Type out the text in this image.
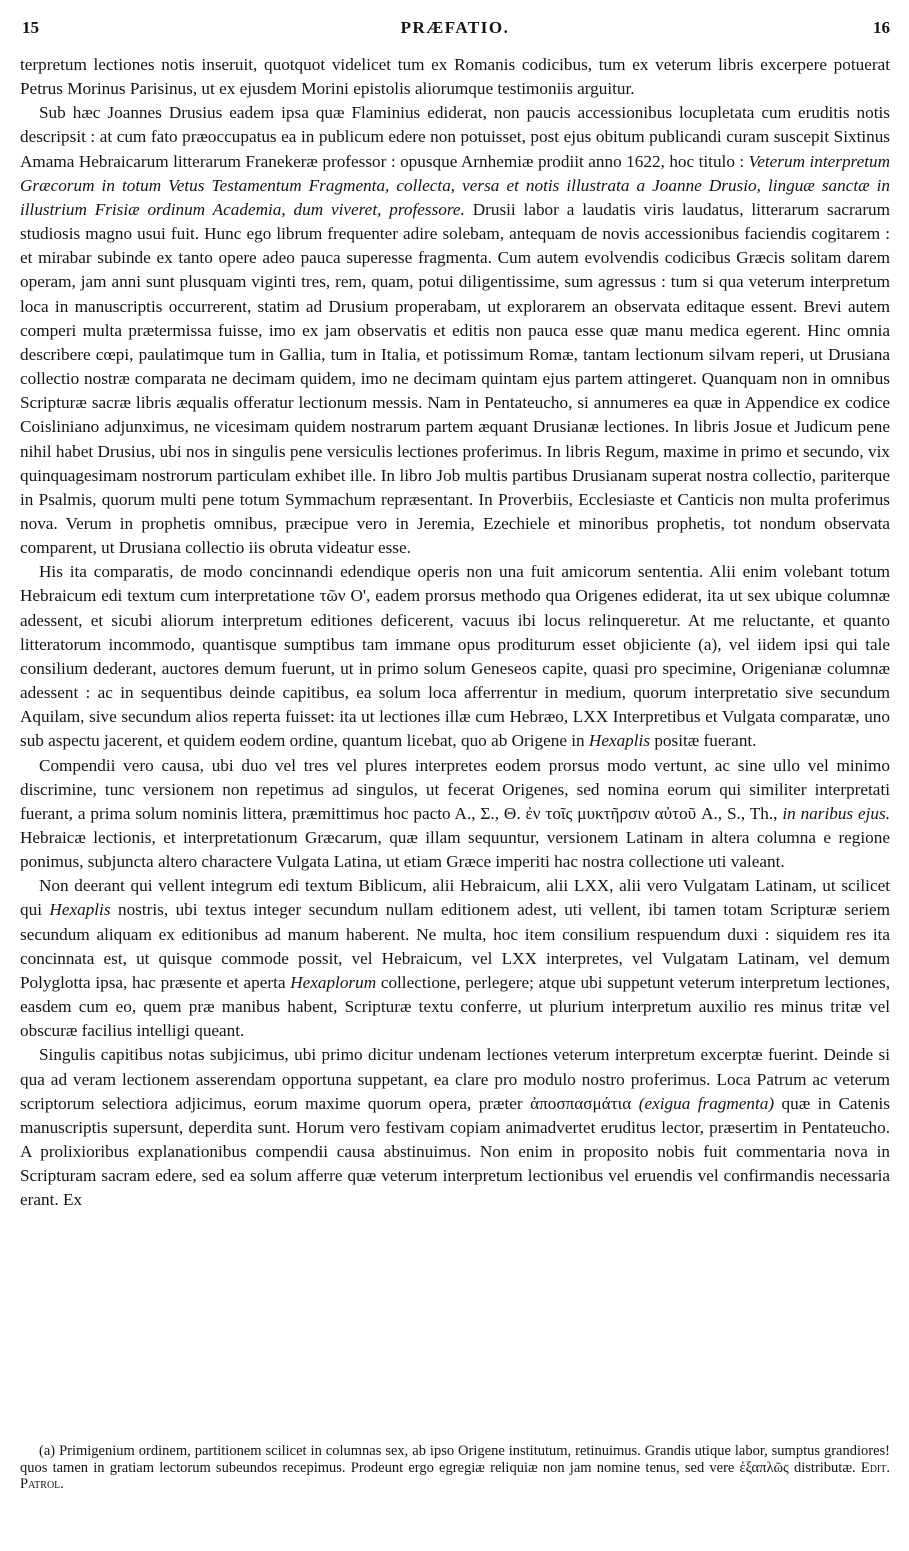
15	PRÆFATIO.	16

terpretum lectiones notis inseruit, quotquot videlicet tum ex Romanis codicibus, tum ex veterum libris excerpere potuerat Petrus Morinus Parisinus, ut ex ejusdem Morini epistolis aliorumque testimoniis arguitur.

Sub hæc Joannes Drusius eadem ipsa quæ Flaminius ediderat, non paucis accessionibus locupletata cum eruditis notis descripsit : at cum fato præoccupatus ea in publicum edere non potuisset, post ejus obitum publicandi curam suscepit Sixtinus Amama Hebraicarum litterarum Franekeræ professor : opusque Arnhemiæ prodiit anno 1622, hoc titulo : Veterum interpretum Græcorum in totum Vetus Testamentum Fragmenta, collecta, versa et notis illustrata a Joanne Drusio, linguæ sanctæ in illustrium Frisiæ ordinum Academia, dum viveret, professore. Drusii labor a laudatis viris laudatus, litterarum sacrarum studiosis magno usui fuit. Hunc ego librum frequenter adire solebam, antequam de novis accessionibus faciendis cogitarem : et mirabar subinde ex tanto opere adeo pauca superesse fragmenta. Cum autem evolvendis codicibus Græcis solitam darem operam, jam anni sunt plusquam viginti tres, rem, quam, potui diligentissime, sum agressus : tum si qua veterum interpretum loca in manuscriptis occurrerent, statim ad Drusium properabam, ut explorarem an observata editaque essent. Brevi autem comperi multa prætermissa fuisse, imo ex jam observatis et editis non pauca esse quæ manu medica egerent. Hinc omnia describere cœpi, paulatimque tum in Gallia, tum in Italia, et potissimum Romæ, tantam lectionum silvam reperi, ut Drusiana collectio nostræ comparata ne decimam quidem, imo ne decimam quintam ejus partem attingeret. Quanquam non in omnibus Scripturæ sacræ libris æqualis offeratur lectionum messis. Nam in Pentateucho, si annumeres ea quæ in Appendice ex codice Coisliniano adjunximus, ne vicesimam quidem nostrarum partem æquant Drusianæ lectiones. In libris Josue et Judicum pene nihil habet Drusius, ubi nos in singulis pene versiculis lectiones proferimus. In libris Regum, maxime in primo et secundo, vix quinquagesimam nostrorum particulam exhibet ille. In libro Job multis partibus Drusianam superat nostra collectio, pariterque in Psalmis, quorum multi pene totum Symmachum repræsentant. In Proverbiis, Ecclesiaste et Canticis non multa proferimus nova. Verum in prophetis omnibus, præcipue vero in Jeremia, Ezechiele et minoribus prophetis, tot nondum observata comparent, ut Drusiana collectio iis obruta videatur esse.

His ita comparatis, de modo concinnandi edendique operis non una fuit amicorum sententia. Alii enim volebant totum Hebraicum edi textum cum interpretatione τῶν Ο', eadem prorsus methodo qua Origenes ediderat, ita ut sex ubique columnæ adessent, et sicubi aliorum interpretum editiones deficerent, vacuus ibi locus relinqueretur. At me reluctante, et quanto litteratorum incommodo, quantisque sumptibus tam immane opus proditurum esset objiciente (a), vel iidem ipsi qui tale consilium dederant, auctores demum fuerunt, ut in primo solum Geneseos capite, quasi pro specimine, Origenianæ columnæ adessent : ac in sequentibus deinde capitibus, ea solum loca afferrentur in medium, quorum interpretatio sive secundum Aquilam, sive secundum alios reperta fuisset: ita ut lectiones illæ cum Hebræo, LXX Interpretibus et Vulgata comparatæ, uno sub aspectu jacerent, et quidem eodem ordine, quantum licebat, quo ab Origene in Hexaplis positæ fuerant.

Compendii vero causa, ubi duo vel tres vel plures interpretes eodem prorsus modo vertunt, ac sine ullo vel minimo discrimine, tunc versionem non repetimus ad singulos, ut fecerat Origenes, sed nomina eorum qui similiter interpretati fuerant, a prima solum nominis littera, præmittimus hoc pacto A., Σ., Θ. ἐν τοῖς μυκτῆρσιν αὐτοῦ A., S., Th., in naribus ejus. Hebraicæ lectionis, et interpretationum Græcarum, quæ illam sequuntur, versionem Latinam in altera columna e regione ponimus, subjuncta altero charactere Vulgata Latina, ut etiam Græce imperiti hac nostra collectione uti valeant.

Non deerant qui vellent integrum edi textum Biblicum, alii Hebraicum, alii LXX, alii vero Vulgatam Latinam, ut scilicet qui Hexaplis nostris, ubi textus integer secundum nullam editionem adest, uti vellent, ibi tamen totam Scripturæ seriem secundum aliquam ex editionibus ad manum haberent. Ne multa, hoc item consilium respuendum duxi : siquidem res ita concinnata est, ut quisque commode possit, vel Hebraicum, vel LXX interpretes, vel Vulgatam Latinam, vel demum Polyglotta ipsa, hac præsente et aperta Hexaplorum collectione, perlegere; atque ubi suppetunt veterum interpretum lectiones, easdem cum eo, quem præ manibus habent, Scripturæ textu conferre, ut plurium interpretum auxilio res minus tritæ vel obscuræ facilius intelligi queant.

Singulis capitibus notas subjicimus, ubi primo dicitur undenam lectiones veterum interpretum excerptæ fuerint. Deinde si qua ad veram lectionem asserendam opportuna suppetant, ea clare pro modulo nostro proferimus. Loca Patrum ac veterum scriptorum selectiora adjicimus, eorum maxime quorum opera, præter ἀποσπασμάτια (exigua fragmenta) quæ in Catenis manuscriptis supersunt, deperdita sunt. Horum vero festivam copiam animadvertet eruditus lector, præsertim in Pentateucho. A prolixioribus explanationibus compendii causa abstinuimus. Non enim in proposito nobis fuit commentaria nova in Scripturam sacram edere, sed ea solum afferre quæ veterum interpretum lectionibus vel eruendis vel confirmandis necessaria erant. Ex

(a) Primigenium ordinem, partitionem scilicet in columnas sex, ab ipso Origene institutum, retinuimus. Grandis utique labor, sumptus grandiores! quos tamen in gratiam lectorum subeundos recepimus. Prodeunt ergo egregiæ reliquiæ non jam nomine tenus, sed vere ἑξαπλῶς distributæ. Edit. Patrol.
